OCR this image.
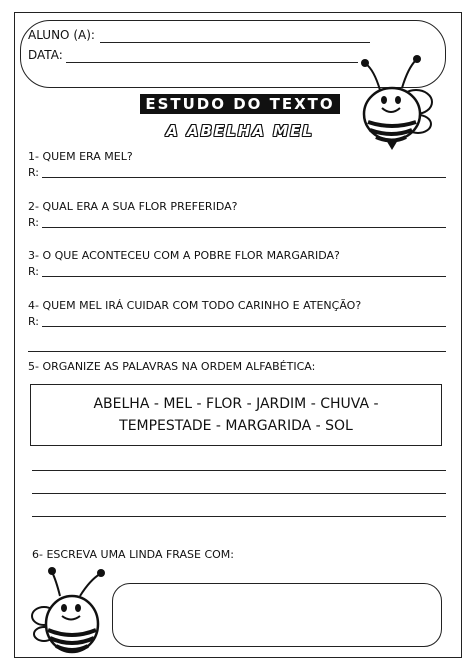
ALUNO (A):
DATA:
ESTUDO DO TEXTO
A ABELHA MEL
1- QUEM ERA MEL?
R:
2- QUAL ERA A SUA FLOR PREFERIDA?
R:
3- O QUE ACONTECEU COM A POBRE FLOR MARGARIDA?
R:
4- QUEM MEL IRÁ CUIDAR COM TODO CARINHO E ATENÇÃO?
R:
5- ORGANIZE AS PALAVRAS NA ORDEM ALFABÉTICA:
ABELHA - MEL - FLOR - JARDIM - CHUVA -
TEMPESTADE - MARGARIDA - SOL
6- ESCREVA UMA LINDA FRASE COM:
